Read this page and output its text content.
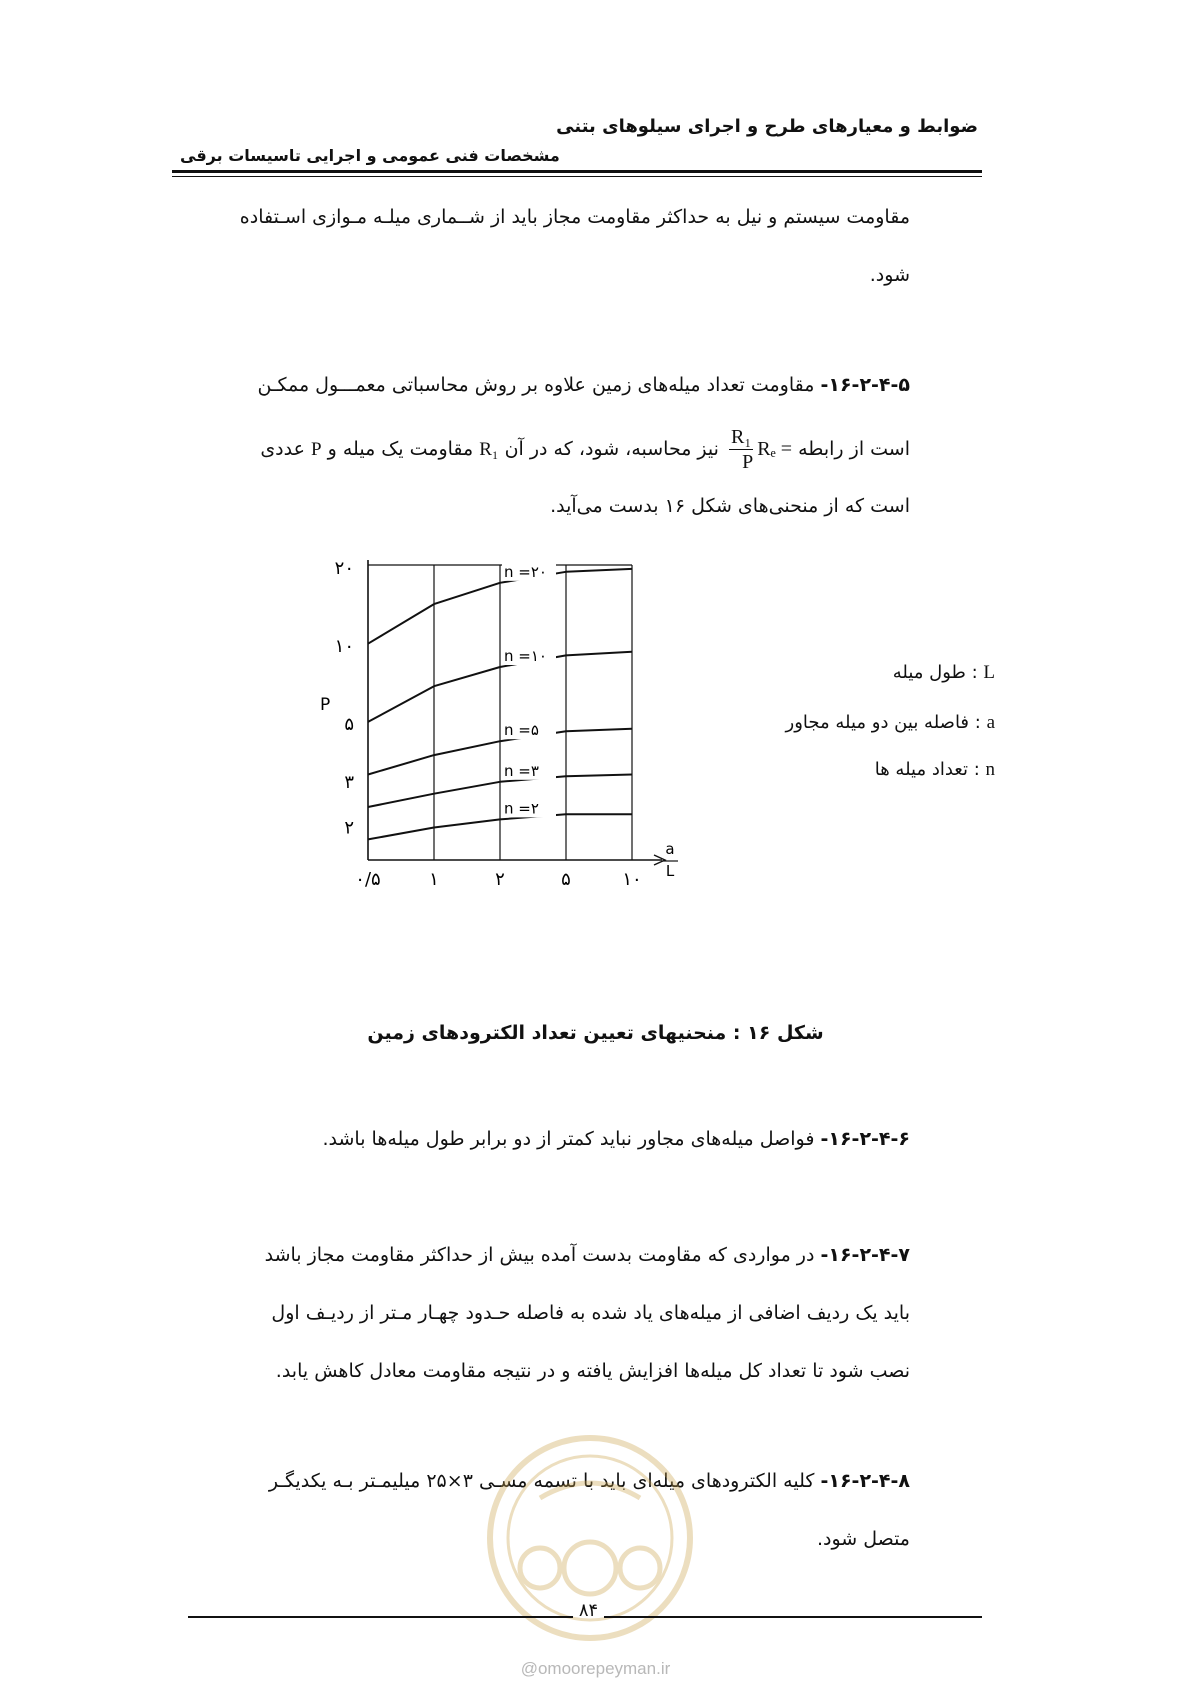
ضوابط و معیارهای طرح و اجرای سیلوهای بتنی
مشخصات فنی عمومی و اجرایی تاسیسات برقی
مقاومت سیستم و نیل به حداکثر مقاومت مجاز باید از شــماری میلـه مـوازی اسـتفاده
شود.
۱۶-۲-۴-۵- مقاومت تعداد میله‌های زمین علاوه بر روش محاسباتی معمـــول ممکـن
است از رابطه Rₑ =
$\frac{\text{R₁}}{P}$
نیز محاسبه، شود، که در آن R₁ مقاومت یک میله و P عددی
است که از منحنی‌های شکل ۱۶ بدست می‌آید.
۰/۵	۱	۲	۵	۱۰
۲
۳
۵
۱۰
۲۰
P
a
L
n =۲۰
n =۱۰
n =۵
n =۳
n =۲
L : طول میله
a : فاصله بین دو میله مجاور
n : تعداد میله ها
شکل ۱۶ : منحنیهای تعیین تعداد الکترودهای زمین
۱۶-۲-۴-۶- فواصل میله‌های مجاور نباید کمتر از دو برابر طول میله‌ها باشد.
۱۶-۲-۴-۷- در مواردی که مقاومت بدست آمده بیش از حداکثر مقاومت مجاز باشد
باید یک ردیف اضافی از میله‌های یاد شده به فاصله حـدود چهـار مـتر از ردیـف اول
نصب شود تا تعداد کل میله‌ها افزایش یافته و در نتیجه مقاومت معادل کاهش یابد.
۱۶-۲-۴-۸- کلیه الکترودهای میله‌ای باید با تسمه مسـی ۳×۲۵ میلیمـتر بـه یکدیگـر
متصل شود.
۸۴
@omoorepeyman.ir
